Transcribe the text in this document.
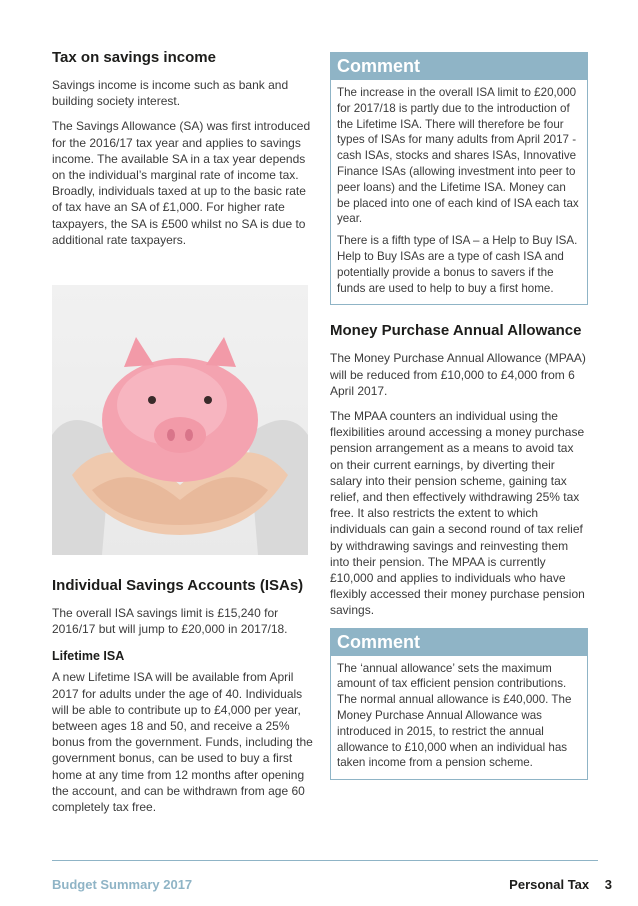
Tax on savings income

Savings income is income such as bank and building society interest.

The Savings Allowance (SA) was first introduced for the 2016/17 tax year and applies to savings income. The available SA in a tax year depends on the individual’s marginal rate of income tax. Broadly, individuals taxed at up to the basic rate of tax have an SA of £1,000. For higher rate taxpayers, the SA is £500 whilst no SA is due to additional rate taxpayers.

Individual Savings Accounts (ISAs)

The overall ISA savings limit is £15,240 for 2016/17 but will jump to £20,000 in 2017/18.

Lifetime ISA

A new Lifetime ISA will be available from April 2017 for adults under the age of 40. Individuals will be able to contribute up to £4,000 per year, between ages 18 and 50, and receive a 25% bonus from the government. Funds, including the government bonus, can be used to buy a first home at any time from 12 months after opening the account, and can be withdrawn from age 60 completely tax free.

Comment

The increase in the overall ISA limit to £20,000 for 2017/18 is partly due to the introduction of the Lifetime ISA. There will therefore be four types of ISAs for many adults from April 2017 - cash ISAs, stocks and shares ISAs, Innovative Finance ISAs (allowing investment into peer to peer loans) and the Lifetime ISA. Money can be placed into one of each kind of ISA each tax year.

There is a fifth type of ISA – a Help to Buy ISA. Help to Buy ISAs are a type of cash ISA and potentially provide a bonus to savers if the funds are used to help to buy a first home.

Money Purchase Annual Allowance

The Money Purchase Annual Allowance (MPAA) will be reduced from £10,000 to £4,000 from 6 April 2017.

The MPAA counters an individual using the flexibilities around accessing a money purchase pension arrangement as a means to avoid tax on their current earnings, by diverting their salary into their pension scheme, gaining tax relief, and then effectively withdrawing 25% tax free. It also restricts the extent to which individuals can gain a second round of tax relief by withdrawing savings and reinvesting them into their pension. The MPAA is currently £10,000 and applies to individuals who have flexibly accessed their money purchase pension savings.

Comment

The ‘annual allowance’ sets the maximum amount of tax efficient pension contributions. The normal annual allowance is £40,000. The Money Purchase Annual Allowance was introduced in 2015, to restrict the annual allowance to £10,000 when an individual has taken income from a pension scheme.

Budget Summary 2017	Personal Tax 3
